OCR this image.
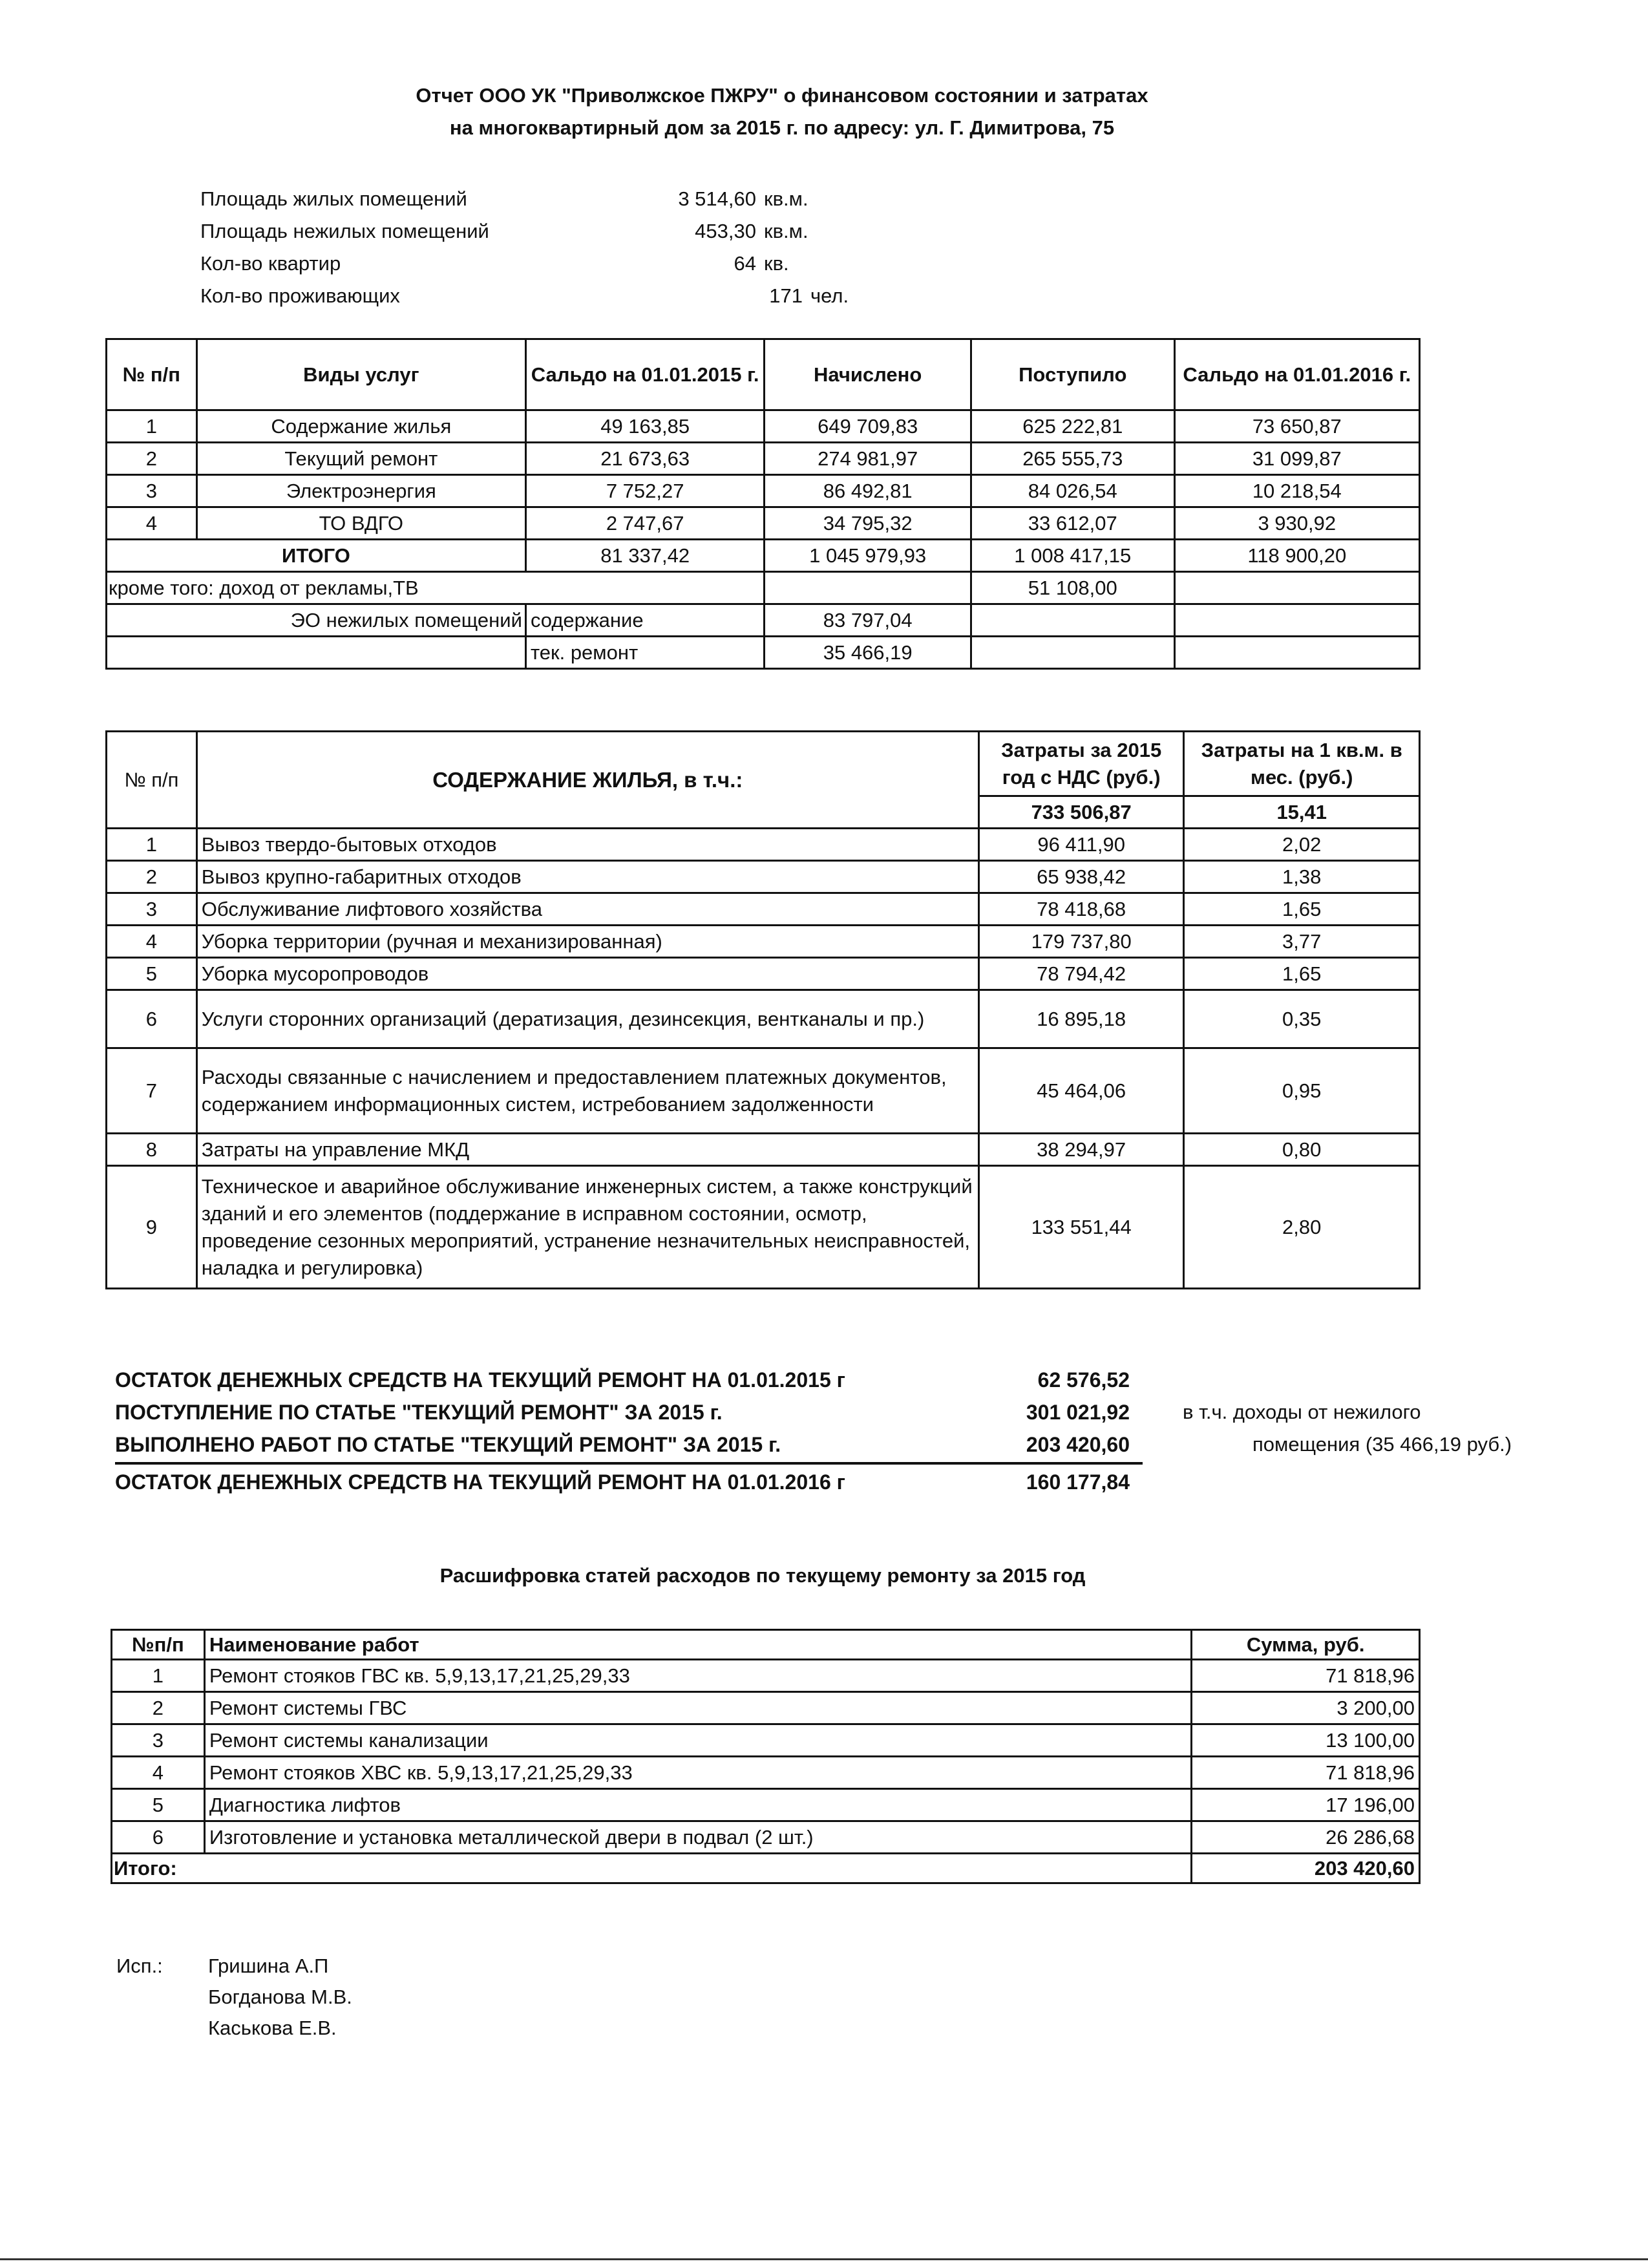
Отчет ООО УК "Приволжское ПЖРУ" о финансовом состоянии и затратах
на многоквартирный дом за 2015 г. по адресу: ул. Г. Димитрова, 75
Площадь жилых помещений	3 514,60 кв.м.
Площадь нежилых помещений	453,30 кв.м.
Кол-во квартир	64 кв.
Кол-во проживающих	171 чел.
№ п/п	Виды услуг	Сальдо на 01.01.2015 г.	Начислено	Поступило	Сальдо на 01.01.2016 г.
1	Содержание жилья	49 163,85	649 709,83	625 222,81	73 650,87
2	Текущий ремонт	21 673,63	274 981,97	265 555,73	31 099,87
3	Электроэнергия	7 752,27	86 492,81	84 026,54	10 218,54
4	ТО ВДГО	2 747,67	34 795,32	33 612,07	3 930,92
ИТОГО		81 337,42	1 045 979,93	1 008 417,15	118 900,20
кроме того: доход от рекламы,ТВ				51 108,00	
ЭО нежилых помещений		содержание	83 797,04		
		тек. ремонт	35 466,19		
№ п/п	СОДЕРЖАНИЕ ЖИЛЬЯ, в т.ч.:	Затраты за 2015 год с НДС (руб.)	Затраты на 1 кв.м. в мес. (руб.)
		733 506,87	15,41
1	Вывоз твердо-бытовых отходов	96 411,90	2,02
2	Вывоз крупно-габаритных отходов	65 938,42	1,38
3	Обслуживание лифтового хозяйства	78 418,68	1,65
4	Уборка территории (ручная и механизированная)	179 737,80	3,77
5	Уборка мусоропроводов	78 794,42	1,65
6	Услуги сторонних организаций (дератизация, дезинсекция, вентканалы и пр.)	16 895,18	0,35
7	Расходы связанные с начислением и предоставлением платежных документов, содержанием информационных систем, истребованием задолженности	45 464,06	0,95
8	Затраты на управление МКД	38 294,97	0,80
9	Техническое и аварийное обслуживание инженерных систем, а также конструкций зданий и его элементов (поддержание в исправном состоянии, осмотр, проведение сезонных мероприятий, устранение незначительных неисправностей, наладка и регулировка)	133 551,44	2,80
ОСТАТОК ДЕНЕЖНЫХ СРЕДСТВ НА ТЕКУЩИЙ РЕМОНТ НА 01.01.2015 г	62 576,52
ПОСТУПЛЕНИЕ ПО СТАТЬЕ "ТЕКУЩИЙ РЕМОНТ" ЗА 2015 г.	301 021,92	в т.ч. доходы от нежилого
ВЫПОЛНЕНО РАБОТ ПО СТАТЬЕ "ТЕКУЩИЙ РЕМОНТ" ЗА 2015 г.	203 420,60	помещения (35 466,19 руб.)
ОСТАТОК ДЕНЕЖНЫХ СРЕДСТВ НА ТЕКУЩИЙ РЕМОНТ НА 01.01.2016 г	160 177,84
Расшифровка статей расходов по текущему ремонту за 2015 год
№п/п	Наименование работ	Сумма, руб.
1	Ремонт стояков ГВС кв. 5,9,13,17,21,25,29,33	71 818,96
2	Ремонт системы ГВС	3 200,00
3	Ремонт системы канализации	13 100,00
4	Ремонт стояков ХВС кв. 5,9,13,17,21,25,29,33	71 818,96
5	Диагностика лифтов	17 196,00
6	Изготовление и установка металлической двери в подвал (2 шт.)	26 286,68
Итого:		203 420,60
Исп.: Гришина А.П
Богданова М.В.
Каськова Е.В.
